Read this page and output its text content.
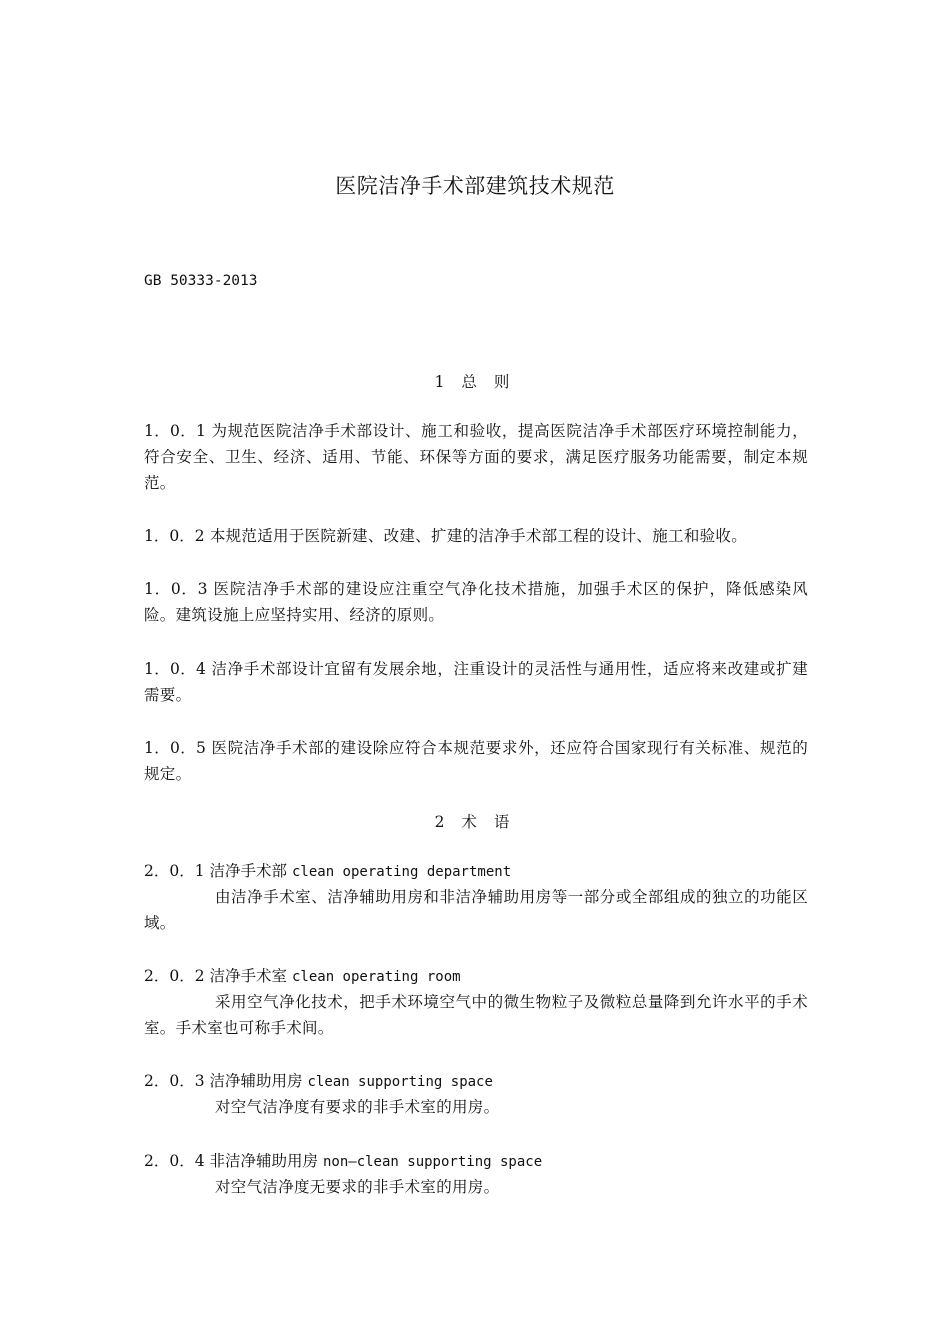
医院洁净手术部建筑技术规范
GB 50333-2013
1 总 则
1．0．1 为规范医院洁净手术部设计、施工和验收，提高医院洁净手术部医疗环境控制能力，符合安全、卫生、经济、适用、节能、环保等方面的要求，满足医疗服务功能需要，制定本规范。
1．0．2 本规范适用于医院新建、改建、扩建的洁净手术部工程的设计、施工和验收。
1．0．3 医院洁净手术部的建设应注重空气净化技术措施，加强手术区的保护，降低感染风险。建筑设施上应坚持实用、经济的原则。
1．0．4 洁净手术部设计宜留有发展余地，注重设计的灵活性与通用性，适应将来改建或扩建需要。
1．0．5 医院洁净手术部的建设除应符合本规范要求外，还应符合国家现行有关标准、规范的规定。
2 术 语
2．0．1 洁净手术部 clean operating department
由洁净手术室、洁净辅助用房和非洁净辅助用房等一部分或全部组成的独立的功能区域。
2．0．2 洁净手术室 clean operating room
采用空气净化技术，把手术环境空气中的微生物粒子及微粒总量降到允许水平的手术室。手术室也可称手术间。
2．0．3 洁净辅助用房 clean supporting space
对空气洁净度有要求的非手术室的用房。
2．0．4 非洁净辅助用房 non—clean supporting space
对空气洁净度无要求的非手术室的用房。
